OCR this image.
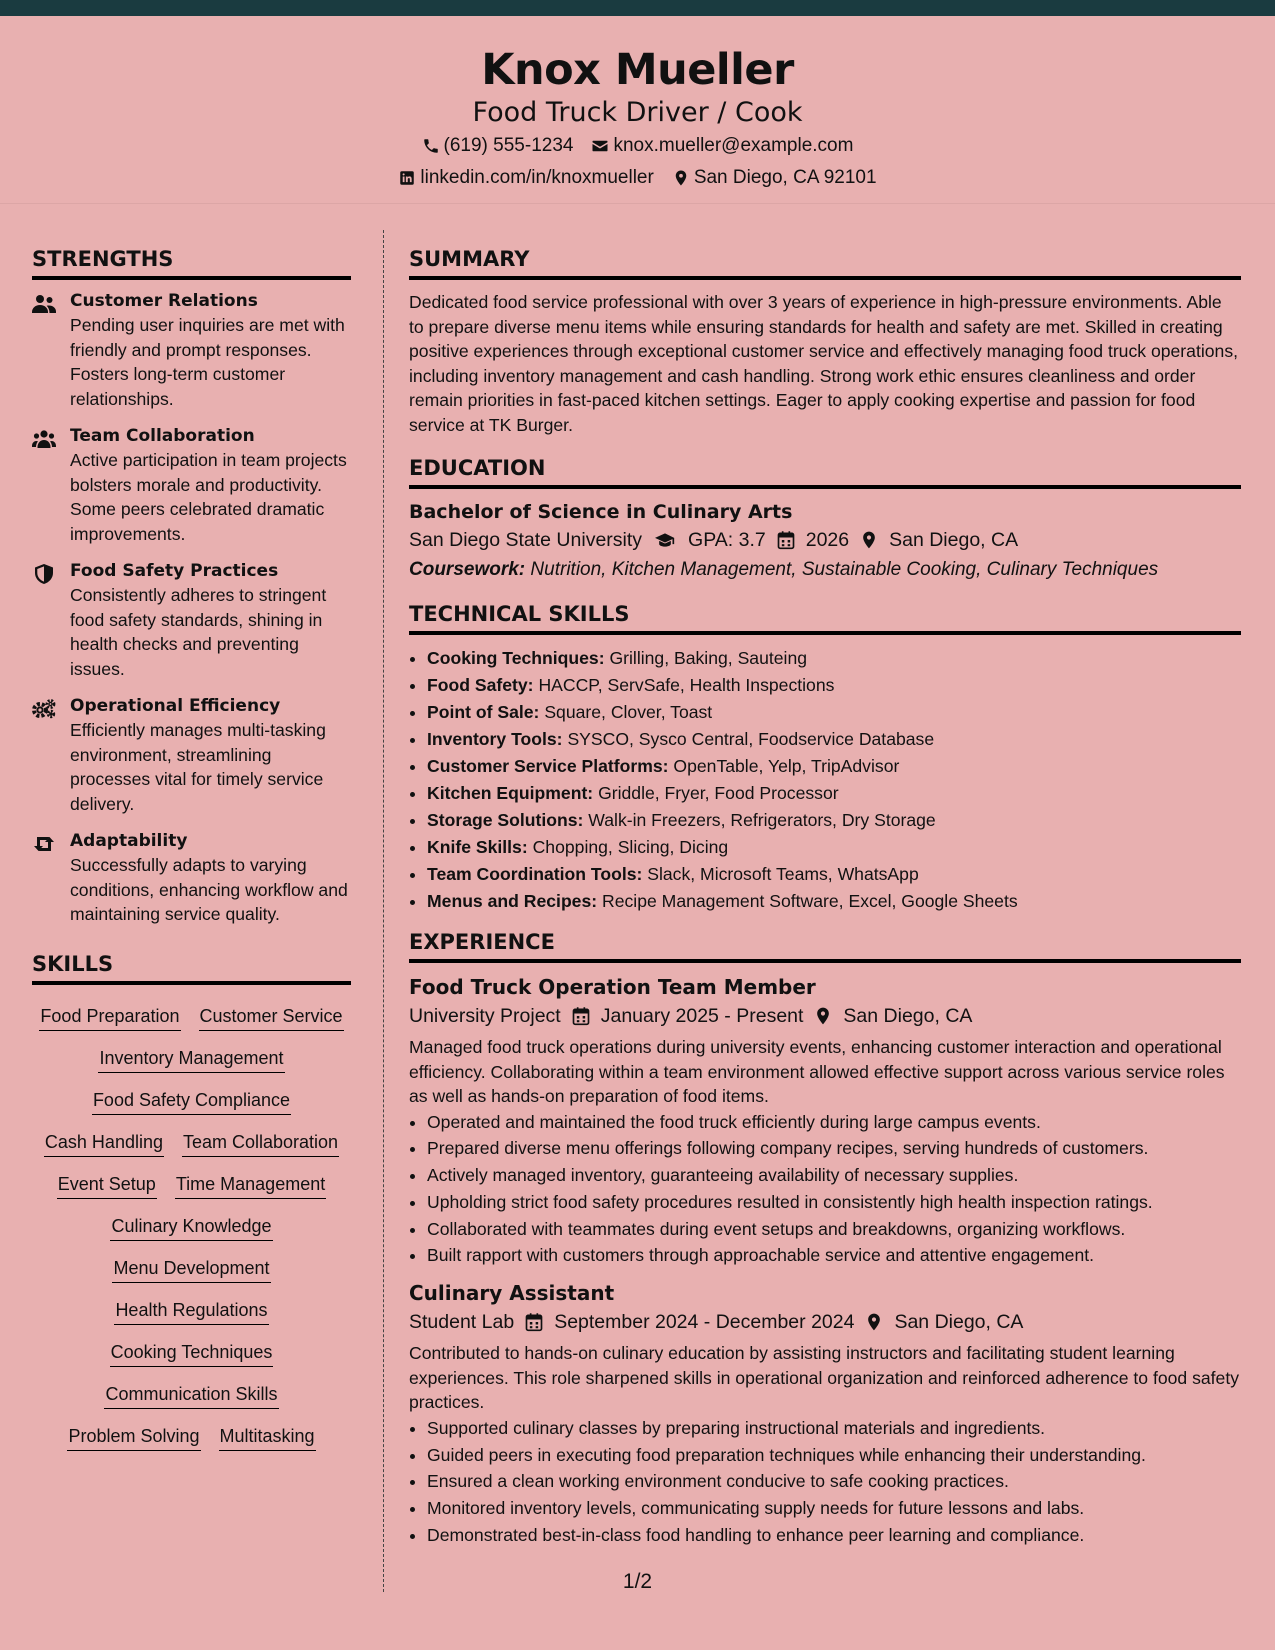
Knox Mueller
Food Truck Driver / Cook
(619) 555-1234 knox.mueller@example.com
linkedin.com/in/knoxmueller San Diego, CA 92101
STRENGTHS
Customer Relations
Pending user inquiries are met with friendly and prompt responses. Fosters long-term customer relationships.
Team Collaboration
Active participation in team projects bolsters morale and productivity. Some peers celebrated dramatic improvements.
Food Safety Practices
Consistently adheres to stringent food safety standards, shining in health checks and preventing issues.
Operational Efficiency
Efficiently manages multi-tasking environment, streamlining processes vital for timely service delivery.
Adaptability
Successfully adapts to varying conditions, enhancing workflow and maintaining service quality.
SKILLS
Food Preparation Customer Service
Inventory Management
Food Safety Compliance
Cash Handling Team Collaboration
Event Setup Time Management
Culinary Knowledge
Menu Development
Health Regulations
Cooking Techniques
Communication Skills
Problem Solving Multitasking
SUMMARY
Dedicated food service professional with over 3 years of experience in high-pressure environments. Able to prepare diverse menu items while ensuring standards for health and safety are met. Skilled in creating positive experiences through exceptional customer service and effectively managing food truck operations, including inventory management and cash handling. Strong work ethic ensures cleanliness and order remain priorities in fast-paced kitchen settings. Eager to apply cooking expertise and passion for food service at TK Burger.
EDUCATION
Bachelor of Science in Culinary Arts
San Diego State University GPA: 3.7 2026 San Diego, CA
Coursework: Nutrition, Kitchen Management, Sustainable Cooking, Culinary Techniques
TECHNICAL SKILLS
• Cooking Techniques: Grilling, Baking, Sauteing
• Food Safety: HACCP, ServSafe, Health Inspections
• Point of Sale: Square, Clover, Toast
• Inventory Tools: SYSCO, Sysco Central, Foodservice Database
• Customer Service Platforms: OpenTable, Yelp, TripAdvisor
• Kitchen Equipment: Griddle, Fryer, Food Processor
• Storage Solutions: Walk-in Freezers, Refrigerators, Dry Storage
• Knife Skills: Chopping, Slicing, Dicing
• Team Coordination Tools: Slack, Microsoft Teams, WhatsApp
• Menus and Recipes: Recipe Management Software, Excel, Google Sheets
EXPERIENCE
Food Truck Operation Team Member
University Project January 2025 - Present San Diego, CA
Managed food truck operations during university events, enhancing customer interaction and operational efficiency. Collaborating within a team environment allowed effective support across various service roles as well as hands-on preparation of food items.
• Operated and maintained the food truck efficiently during large campus events.
• Prepared diverse menu offerings following company recipes, serving hundreds of customers.
• Actively managed inventory, guaranteeing availability of necessary supplies.
• Upholding strict food safety procedures resulted in consistently high health inspection ratings.
• Collaborated with teammates during event setups and breakdowns, organizing workflows.
• Built rapport with customers through approachable service and attentive engagement.
Culinary Assistant
Student Lab September 2024 - December 2024 San Diego, CA
Contributed to hands-on culinary education by assisting instructors and facilitating student learning experiences. This role sharpened skills in operational organization and reinforced adherence to food safety practices.
• Supported culinary classes by preparing instructional materials and ingredients.
• Guided peers in executing food preparation techniques while enhancing their understanding.
• Ensured a clean working environment conducive to safe cooking practices.
• Monitored inventory levels, communicating supply needs for future lessons and labs.
• Demonstrated best-in-class food handling to enhance peer learning and compliance.
1/2
